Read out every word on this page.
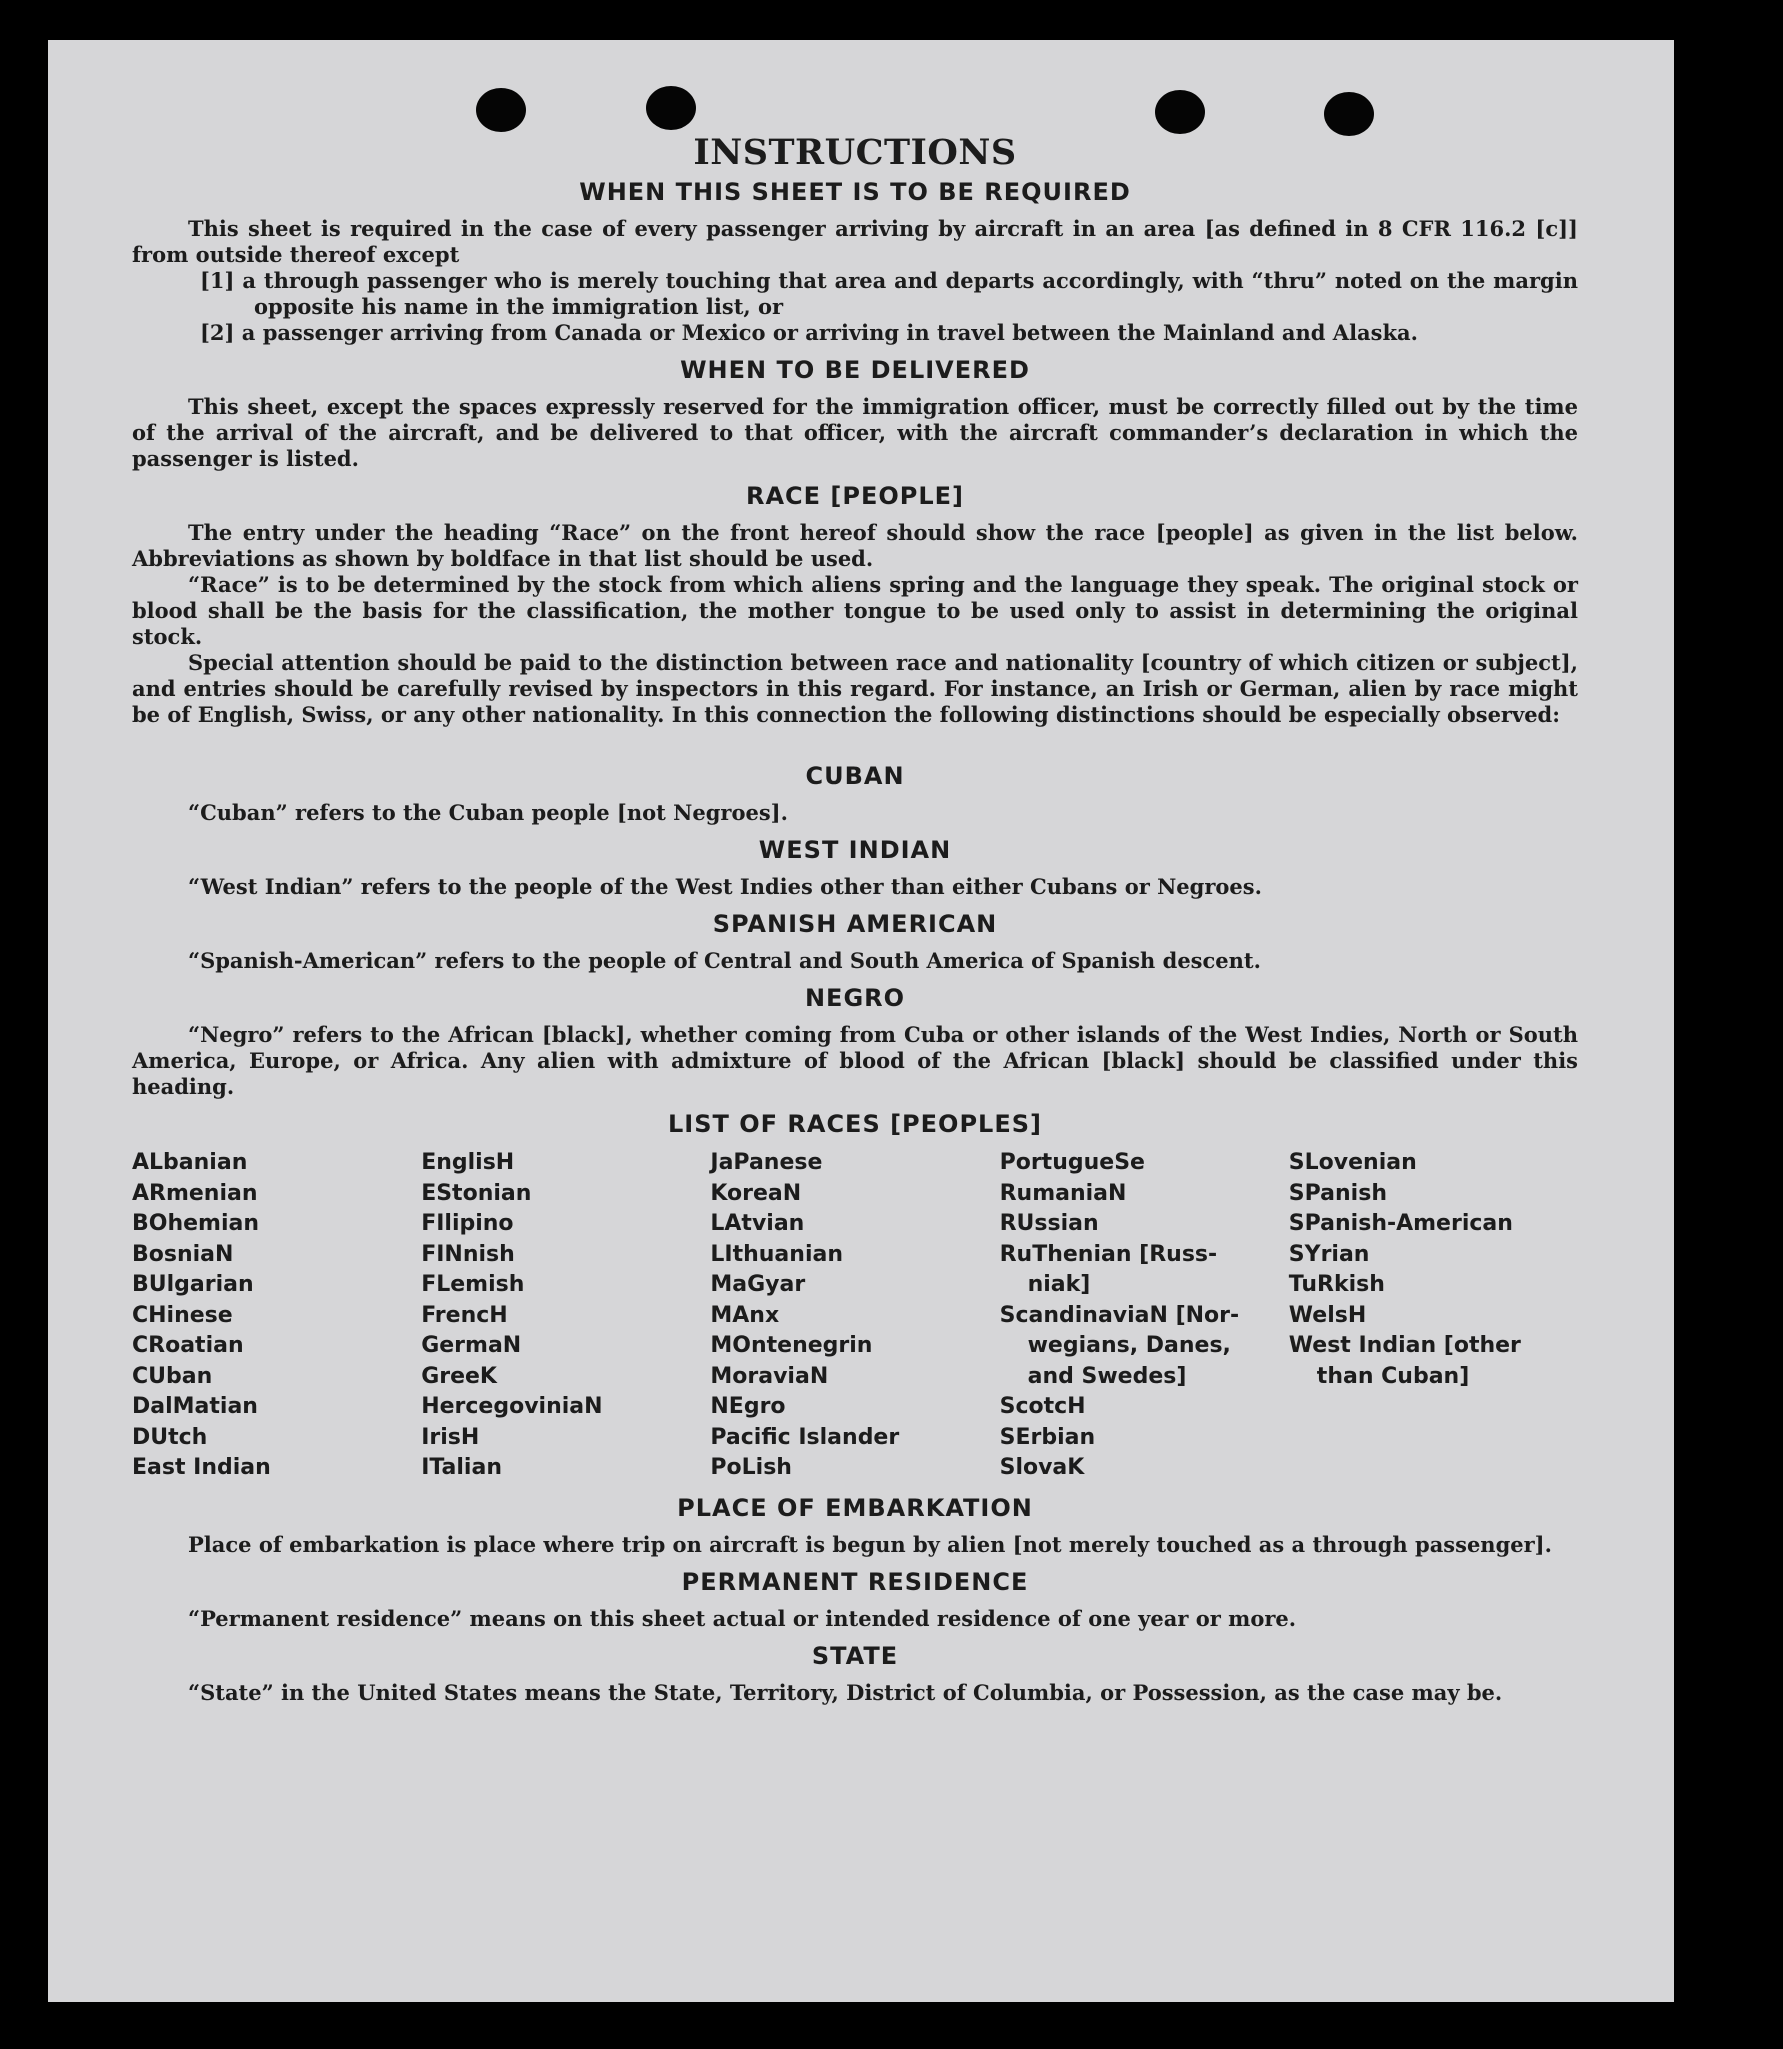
INSTRUCTIONS
WHEN THIS SHEET IS TO BE REQUIRED

This sheet is required in the case of every passenger arriving by aircraft in an area [as defined in 8 CFR 116.2 [c]] from outside thereof except

[1] a through passenger who is merely touching that area and departs accordingly, with “thru” noted on the margin opposite his name in the immigration list, or

[2] a passenger arriving from Canada or Mexico or arriving in travel between the Mainland and Alaska.

WHEN TO BE DELIVERED

This sheet, except the spaces expressly reserved for the immigration officer, must be correctly filled out by the time of the arrival of the aircraft, and be delivered to that officer, with the aircraft commander’s declaration in which the passenger is listed.

RACE [PEOPLE]

The entry under the heading “Race” on the front hereof should show the race [people] as given in the list below. Abbreviations as shown by boldface in that list should be used.

“Race” is to be determined by the stock from which aliens spring and the language they speak. The original stock or blood shall be the basis for the classification, the mother tongue to be used only to assist in determining the original stock.

Special attention should be paid to the distinction between race and nationality [country of which citizen or subject], and entries should be carefully revised by inspectors in this regard. For instance, an Irish or German, alien by race might be of English, Swiss, or any other nationality. In this connection the following distinctions should be especially observed:

CUBAN

“Cuban” refers to the Cuban people [not Negroes].

WEST INDIAN

“West Indian” refers to the people of the West Indies other than either Cubans or Negroes.

SPANISH AMERICAN

“Spanish-American” refers to the people of Central and South America of Spanish descent.

NEGRO

“Negro” refers to the African [black], whether coming from Cuba or other islands of the West Indies, North or South America, Europe, or Africa. Any alien with admixture of blood of the African [black] should be classified under this heading.

LIST OF RACES [PEOPLES]
ALbanian
ARmenian
BOhemian
BosniaN
BUlgarian
CHinese
CRoatian
CUban
DalMatian
DUtch
East Indian
EnglisH
EStonian
FIlipino
FINnish
FLemish
FrencH
GermaN
GreeK
HercegoviniaN
IrisH
ITalian
JaPanese
KoreaN
LAtvian
LIthuanian
MaGyar
MAnx
MOntenegrin
MoraviaN
NEgro
Pacific Islander
PoLish
PortugueSe
RumaniaN
RUssian
RuThenian [Russ-
niak]
ScandinaviaN [Nor-
wegians, Danes,
and Swedes]
ScotcH
SErbian
SlovaK
SLovenian
SPanish
SPanish-American
SYrian
TuRkish
WelsH
West Indian [other
than Cuban]
PLACE OF EMBARKATION

Place of embarkation is place where trip on aircraft is begun by alien [not merely touched as a through passenger].

PERMANENT RESIDENCE

“Permanent residence” means on this sheet actual or intended residence of one year or more.

STATE

“State” in the United States means the State, Territory, District of Columbia, or Possession, as the case may be.
